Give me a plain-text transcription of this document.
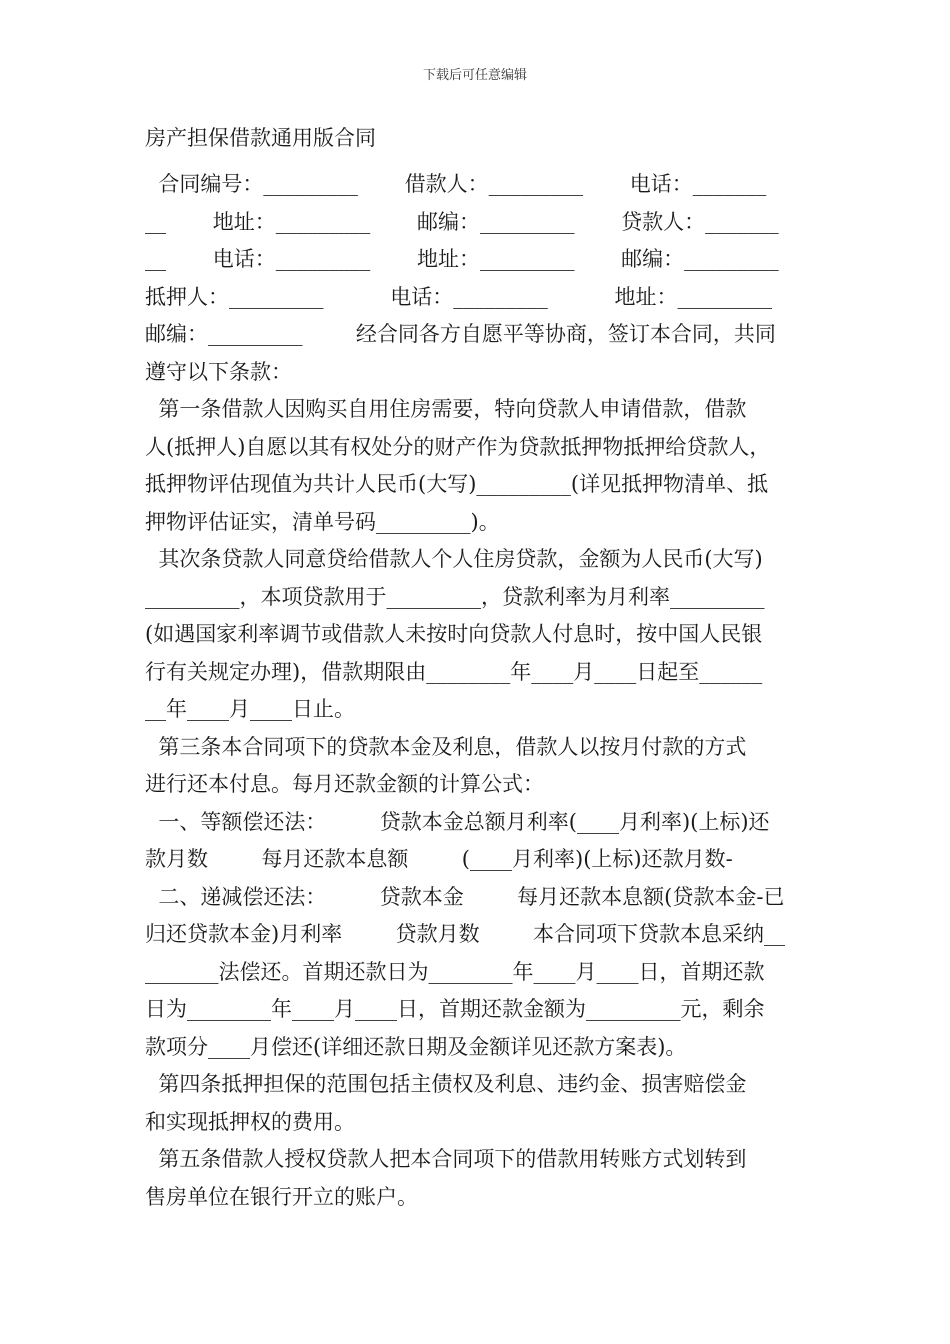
下载后可任意编辑
房产担保借款通用版合同
合同编号：_________       借款人：_________       电话：_______
__       地址：_________       邮编：_________       贷款人：_______
__       电话：_________       地址：_________       邮编：_________
抵押人：_________          电话：_________          地址：_________
邮编：_________        经合同各方自愿平等协商，签订本合同，共同
遵守以下条款：
第一条借款人因购买自用住房需要，特向贷款人申请借款，借款
人(抵押人)自愿以其有权处分的财产作为贷款抵押物抵押给贷款人，
抵押物评估现值为共计人民币(大写)_________(详见抵押物清单、抵
押物评估证实，清单号码_________)。
其次条贷款人同意贷给借款人个人住房贷款，金额为人民币(大写)
_________，本项贷款用于_________，贷款利率为月利率_________
(如遇国家利率调节或借款人未按时向贷款人付息时，按中国人民银
行有关规定办理)，借款期限由________年____月____日起至______
__年____月____日止。
第三条本合同项下的贷款本金及利息，借款人以按月付款的方式
进行还本付息。每月还款金额的计算公式：
一、等额偿还法：        贷款本金总额月利率(____月利率)(上标)还
款月数        每月还款本息额        (____月利率)(上标)还款月数-
二、递减偿还法：        贷款本金        每月还款本息额(贷款本金-已
归还贷款本金)月利率        贷款月数        本合同项下贷款本息采纳__
_______法偿还。首期还款日为________年____月____日，首期还款
日为________年____月____日，首期还款金额为_________元，剩余
款项分____月偿还(详细还款日期及金额详见还款方案表)。
第四条抵押担保的范围包括主债权及利息、违约金、损害赔偿金
和实现抵押权的费用。
第五条借款人授权贷款人把本合同项下的借款用转账方式划转到
售房单位在银行开立的账户。
